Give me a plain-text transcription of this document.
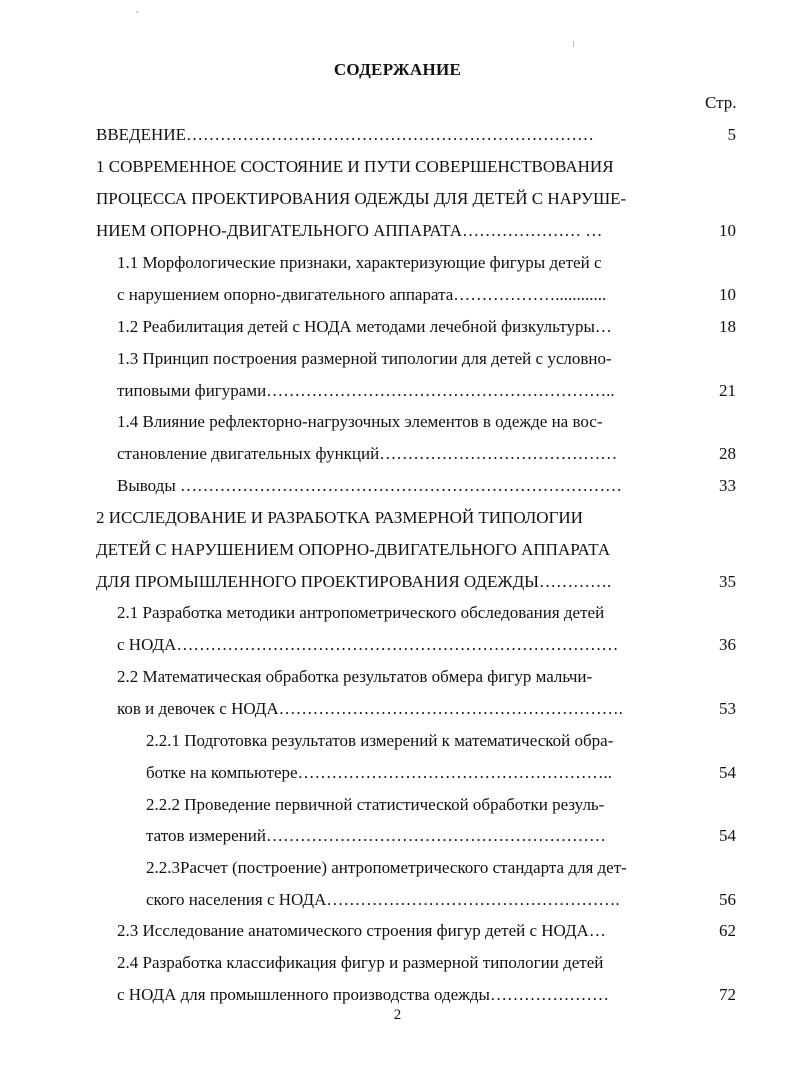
ˇ
ǀ
СОДЕРЖАНИЕ
Стр.
ВВЕДЕНИЕ………………………………………………………………	5
1 СОВРЕМЕННОЕ СОСТОЯНИЕ И ПУТИ СОВЕРШЕНСТВОВАНИЯ
ПРОЦЕССА ПРОЕКТИРОВАНИЯ ОДЕЖДЫ ДЛЯ ДЕТЕЙ С НАРУШЕ-
НИЕМ ОПОРНО-ДВИГАТЕЛЬНОГО АППАРАТА………………… …	10
1.1 Морфологические признаки, характеризующие фигуры детей с
с нарушением опорно-двигательного аппарата………………............	10
1.2 Реабилитация детей с НОДА методами лечебной физкультуры…	18
1.3 Принцип построения размерной типологии для детей с условно-
типовыми фигурами……………………………………………………..	21
1.4 Влияние рефлекторно-нагрузочных элементов в одежде на вос-
становление двигательных функций……………………………………	28
Выводы ……………………………………………………………………	33
2 ИССЛЕДОВАНИЕ И РАЗРАБОТКА РАЗМЕРНОЙ ТИПОЛОГИИ
ДЕТЕЙ С НАРУШЕНИЕМ ОПОРНО-ДВИГАТЕЛЬНОГО АППАРАТА
ДЛЯ ПРОМЫШЛЕННОГО ПРОЕКТИРОВАНИЯ ОДЕЖДЫ………….	35
2.1 Разработка методики антропометрического обследования детей
с НОДА……………………………………………………………………	36
2.2 Математическая обработка результатов обмера фигур мальчи-
ков и девочек с НОДА…………………………………………………….	53
2.2.1 Подготовка результатов измерений к математической обра-
ботке на компьютере………………………………………………..	54
2.2.2 Проведение первичной статистической обработки резуль-
татов измерений……………………………………………………	54
2.2.3Расчет (построение) антропометрического стандарта для дет-
ского населения с НОДА…………………………………………….	56
2.3 Исследование анатомического строения фигур детей с НОДА…	62
2.4 Разработка классификация фигур и размерной типологии детей
с НОДА для промышленного производства одежды…………………	72
2
